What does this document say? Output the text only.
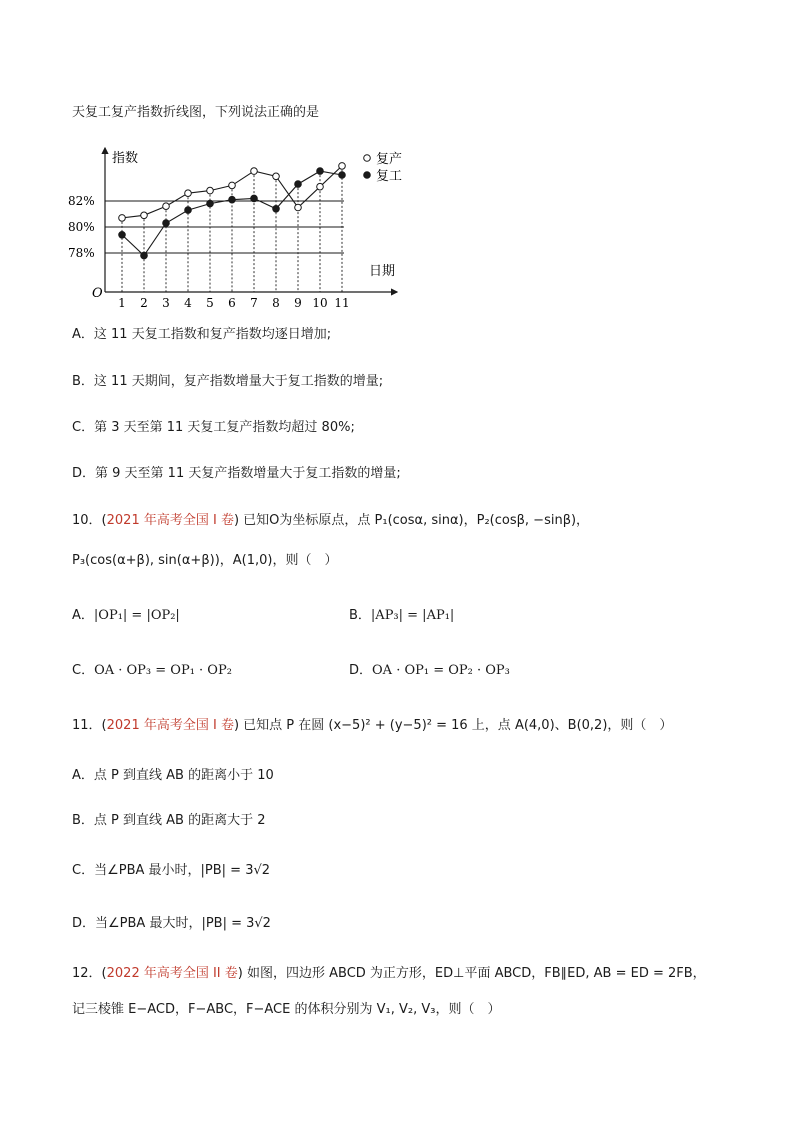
天复工复产指数折线图，下列说法正确的是
指数
日期
O
82%
80%
78%
1 2 3 4 5 6 7 8 9 10 11
复产
复工
A．这 11 天复工指数和复产指数均逐日增加;
B．这 11 天期间，复产指数增量大于复工指数的增量;
C．第 3 天至第 11 天复工复产指数均超过 80%;
D．第 9 天至第 11 天复产指数增量大于复工指数的增量;
10．(2021 年高考全国 I 卷) 已知O为坐标原点，点 P₁(cosα, sinα)，P₂(cosβ, −sinβ)，
P₃(cos(α+β), sin(α+β))，A(1,0)，则（　）
A．|OP₁| = |OP₂|	B．|AP₃| = |AP₁|
C．OA · OP₃ = OP₁ · OP₂	D．OA · OP₁ = OP₂ · OP₃
11．(2021 年高考全国 I 卷) 已知点 P 在圆 (x−5)² + (y−5)² = 16 上，点 A(4,0)、B(0,2)，则（　）
A．点 P 到直线 AB 的距离小于 10
B．点 P 到直线 AB 的距离大于 2
C．当∠PBA 最小时，|PB| = 3√2
D．当∠PBA 最大时，|PB| = 3√2
12．(2022 年高考全国 II 卷) 如图，四边形 ABCD 为正方形，ED⊥平面 ABCD，FB∥ED, AB = ED = 2FB，
记三棱锥 E−ACD，F−ABC，F−ACE 的体积分别为 V₁, V₂, V₃，则（　）
